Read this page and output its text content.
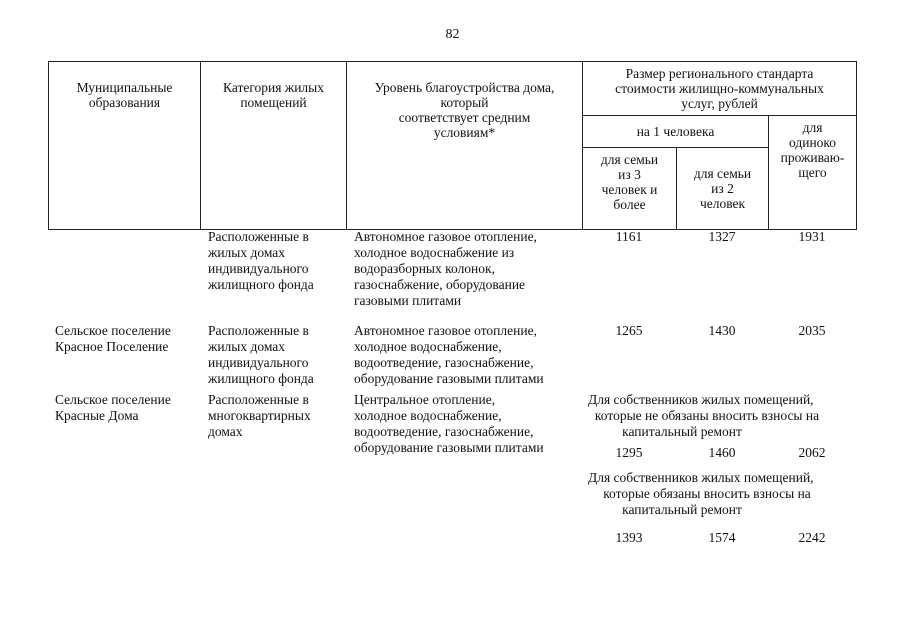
82
Муниципальные
образования	Категория жилых
помещений	Уровень благоустройства дома,
который
соответствует средним
условиям*	Размер регионального стандарта
стоимости жилищно-коммунальных
услуг, рублей		

			на 1 человека		для
одиноко
проживаю-
щего

			для семьи
из 3
человек и
более	для семьи
из 2
человек	

	Расположенные в
жилых домах
индивидуального
жилищного фонда	Автономное газовое отопление,
холодное водоснабжение из
водоразборных колонок,
газоснабжение, оборудование
газовыми плитами	1161	1327	1931

Сельское поселение
Красное Поселение	Расположенные в
жилых домах
индивидуального
жилищного фонда	Автономное газовое отопление,
холодное водоснабжение,
водоотведение, газоснабжение,
оборудование газовыми плитами	1265	1430	2035

Сельское поселение
Красные Дома	Расположенные в
многоквартирных
домах	Центральное отопление,
холодное водоснабжение,
водоотведение, газоснабжение,
оборудование газовыми плитами	Для собственников жилых помещений,
которые не обязаны вносить взносы на
капитальный ремонт		

			1295	1460	2062

			Для собственников жилых помещений,
которые обязаны вносить взносы на
капитальный ремонт		

			1393	1574	2242
